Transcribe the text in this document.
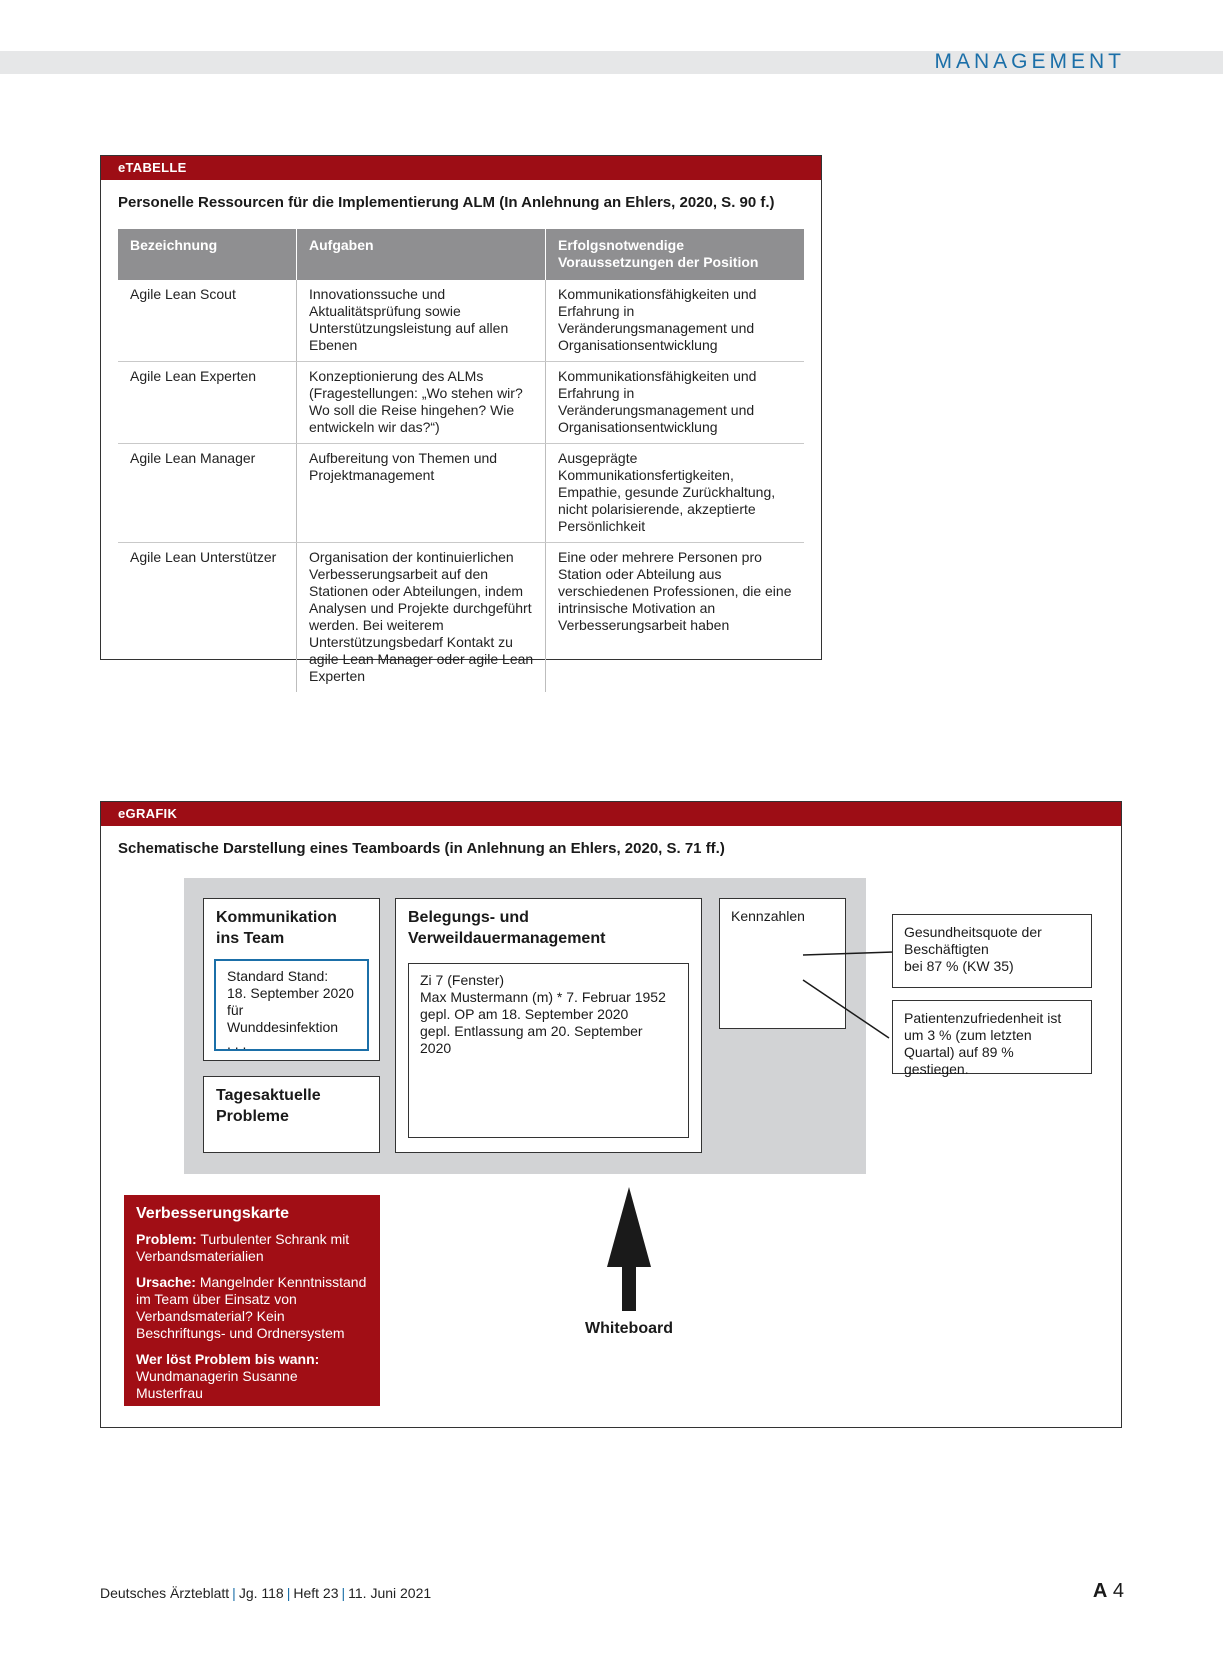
MANAGEMENT
eTABELLE
Personelle Ressourcen für die Implementierung ALM (In Anlehnung an Ehlers, 2020, S. 90 f.)
Bezeichnung	Aufgaben	Erfolgsnotwendige Voraussetzungen der Position
Agile Lean Scout	Innovationssuche und Aktualitätsprüfung sowie Unterstützungsleistung auf allen Ebenen	Kommunikationsfähigkeiten und Erfahrung in Veränderungsmanagement und Organisationsentwicklung
Agile Lean Experten	Konzeptionierung des ALMs (Fragestellungen: „Wo stehen wir? Wo soll die Reise hingehen? Wie entwickeln wir das?“)	Kommunikationsfähigkeiten und Erfahrung in Veränderungsmanagement und Organisationsentwicklung
Agile Lean Manager	Aufbereitung von Themen und Projektmanagement	Ausgeprägte Kommunikationsfertigkeiten, Empathie, gesunde Zurückhaltung, nicht polarisierende, akzeptierte Persönlichkeit
Agile Lean Unterstützer	Organisation der kontinuierlichen Verbesserungsarbeit auf den Stationen oder Abteilungen, indem Analysen und Projekte durchgeführt werden. Bei weiterem Unterstützungsbedarf Kontakt zu agile Lean Manager oder agile Lean Experten	Eine oder mehrere Personen pro Station oder Abteilung aus verschiedenen Professionen, die eine intrinsische Motivation an Verbesserungsarbeit haben
eGRAFIK
Schematische Darstellung eines Teamboards (in Anlehnung an Ehlers, 2020, S. 71 ff.)
Kommunikation
ins Team
Standard Stand:
18. September 2020
für Wunddesinfektion
. . .
Tagesaktuelle
Probleme
Belegungs- und
Verweildauermanagement
Zi 7 (Fenster)
Max Mustermann (m) * 7. Februar 1952
gepl. OP am 18. September 2020
gepl. Entlassung am 20. September 2020
Kennzahlen
Gesundheitsquote der
Beschäftigten
bei 87 % (KW 35)
Patientenzufriedenheit ist
um 3 % (zum letzten
Quartal) auf 89 % gestiegen.
Verbesserungskarte

Problem: Turbulenter Schrank mit Verbandsmaterialien

Ursache: Mangelnder Kenntnisstand im Team über Einsatz von Verbandsmaterial? Kein Beschriftungs- und Ordnersystem

Wer löst Problem bis wann:
Wundmanagerin Susanne Musterfrau

Whiteboard
Deutsches Ärzteblatt | Jg. 118 | Heft 23 | 11. Juni 2021	A 4
